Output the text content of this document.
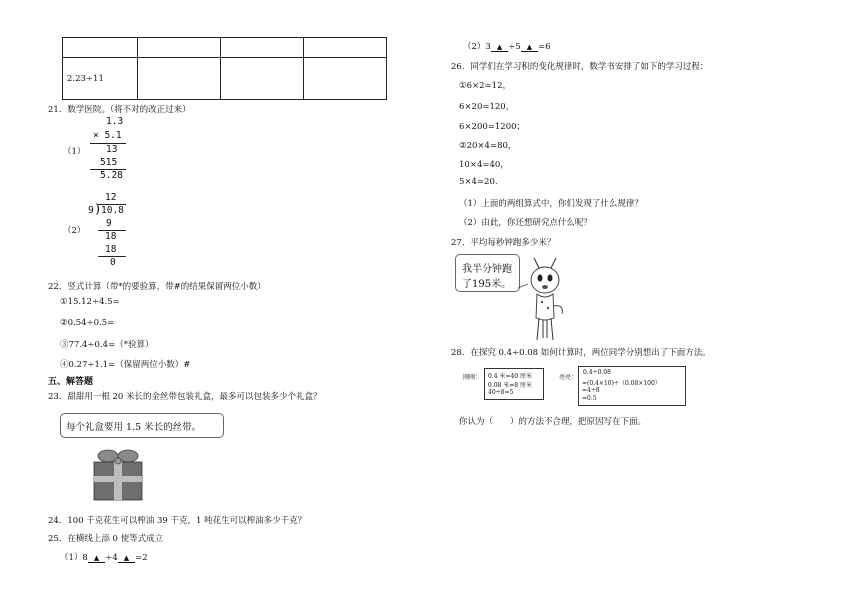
2.23÷11			
21．数学医院。（将不对的改正过来）
（1）
1.3
× 5.1
13
515
5.28
（2）
12
9 ) 10.8
9
18
18
0
22．竖式计算（带*的要验算，带#的结果保留两位小数）
①15.12÷4.5=
②0.54÷0.5=
③77.4÷0.4=（*验算）
④0.27÷1.1=（保留两位小数）#
五、解答题
23．甜甜用一根 20 米长的金丝带包装礼盒，最多可以包装多少个礼盒？
每个礼盒要用 1.5 米长的丝带。
24．100 千克花生可以榨油 39 千克，1 吨花生可以榨油多少千克？
25．在横线上添 0 使等式成立
（1）8 ▲ ÷4 ▲ =2
（2）3 ▲ ÷5 ▲ =6
26．同学们在学习积的变化规律时，数学书安排了如下的学习过程：
①6×2=12，
6×20=120，
6×200=1200；
②20×4=80，
10×4=40，
5×4=20.
（1）上面的两组算式中，你们发现了什么规律？
（2）由此，你还想研究点什么呢？
27．平均每秒钟跑多少米？
我半分钟跑
了195米。
28．在探究 0.4÷0.08 如何计算时，两位同学分别想出了下面方法。
刚刚： 0.4 米=40 厘米
0.08 米=8 厘米
40÷8=5
亮亮：
0.4÷0.08
=(0.4×10)÷（0.08×100）
=4÷8
=0.5
你认为（　　）的方法不合理，把原因写在下面。
